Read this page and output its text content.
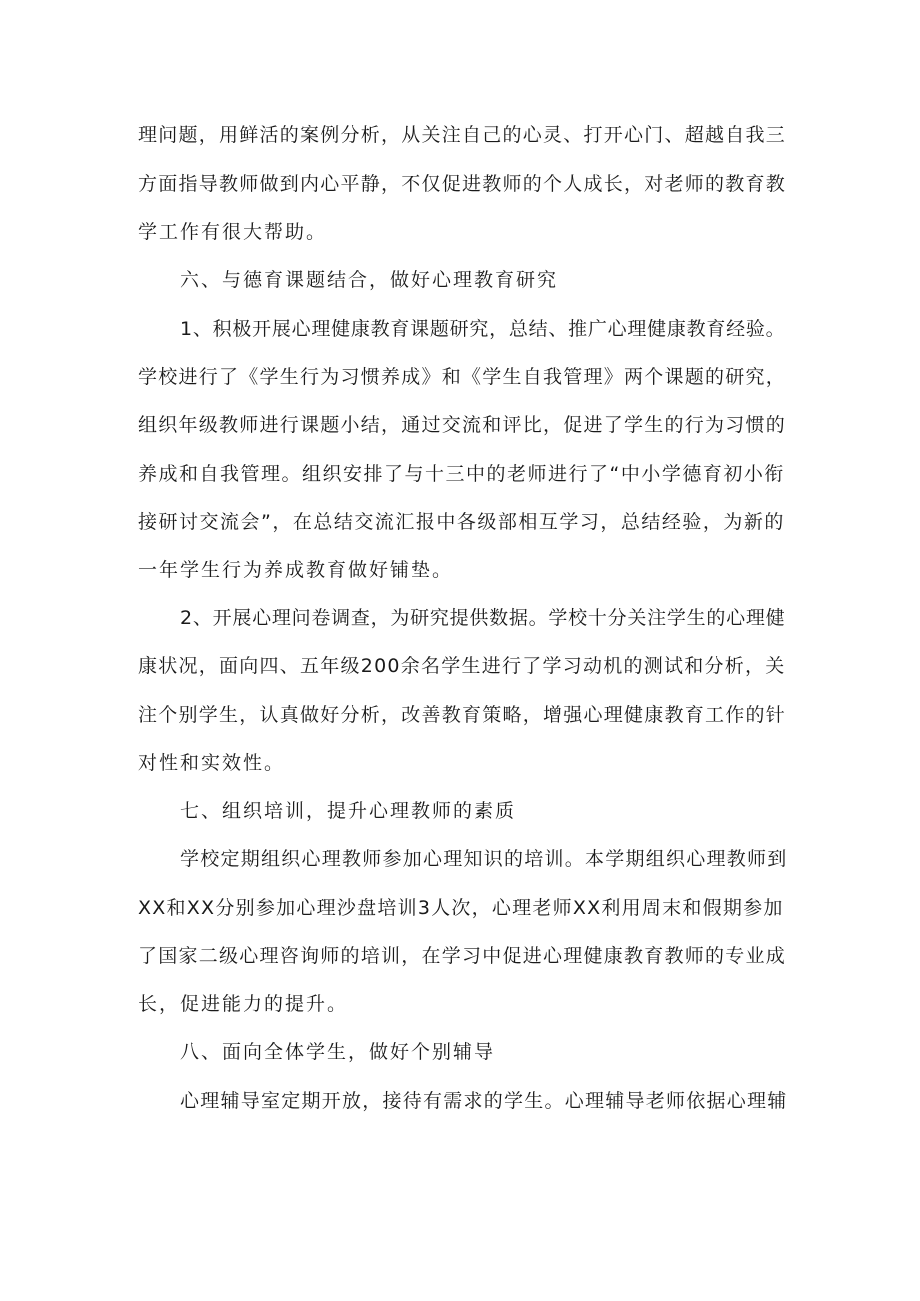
理问题，用鲜活的案例分析，从关注自己的心灵、打开心门、超越自我三
方面指导教师做到内心平静，不仅促进教师的个人成长，对老师的教育教
学工作有很大帮助。
六、与德育课题结合，做好心理教育研究
1、积极开展心理健康教育课题研究，总结、推广心理健康教育经验。
学校进行了《学生行为习惯养成》和《学生自我管理》两个课题的研究，
组织年级教师进行课题小结，通过交流和评比，促进了学生的行为习惯的
养成和自我管理。组织安排了与十三中的老师进行了“中小学德育初小衔
接研讨交流会”，在总结交流汇报中各级部相互学习，总结经验，为新的
一年学生行为养成教育做好铺垫。
2、开展心理问卷调查，为研究提供数据。学校十分关注学生的心理健
康状况，面向四、五年级200余名学生进行了学习动机的测试和分析，关
注个别学生，认真做好分析，改善教育策略，增强心理健康教育工作的针
对性和实效性。
七、组织培训，提升心理教师的素质
学校定期组织心理教师参加心理知识的培训。本学期组织心理教师到
XX和XX分别参加心理沙盘培训3人次，心理老师XX利用周末和假期参加
了国家二级心理咨询师的培训，在学习中促进心理健康教育教师的专业成
长，促进能力的提升。
八、面向全体学生，做好个别辅导
心理辅导室定期开放，接待有需求的学生。心理辅导老师依据心理辅
